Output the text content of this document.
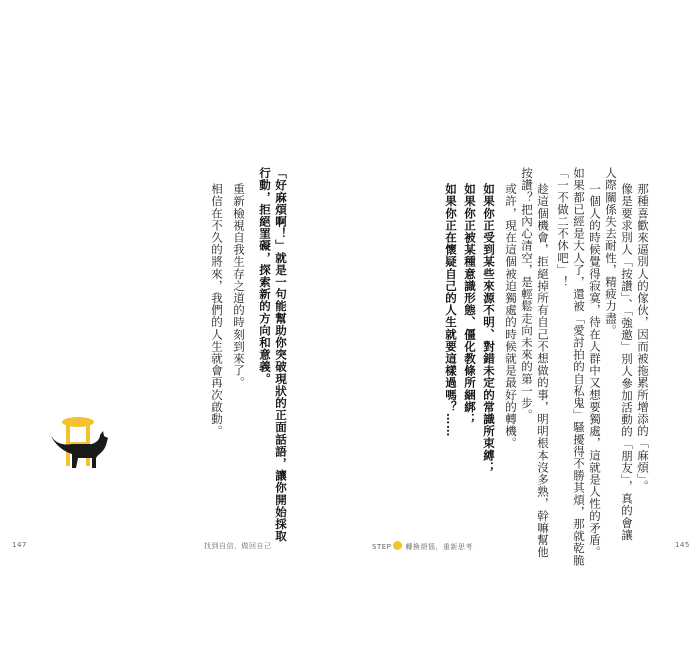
「好麻煩啊！」就是一句能幫助你突破現狀的正面話語，讓你開始採取
行動，拒絕罣礙，探索新的方向和意義。
重新檢視自我生存之道的時刻到來了。
相信在不久的將來，我們的人生就會再次啟動。
147	找到自信，做回自己
那種喜歡來逼別人的傢伙，因而被拖累所增添的「麻煩」。
像是要求別人「按讚」、「強邀」別人參加活動的「朋友」，真的會讓
人際關係失去耐性，精疲力盡。
一個人的時候覺得寂寞，待在人群中又想要獨處，這就是人性的矛盾。
如果都已經是大人了，還被「愛討拍的自私鬼」騷擾得不勝其煩，那就乾脆
「一不做二不休吧」！
趁這個機會，拒絕掉所有自己不想做的事，明明根本沒多熟，幹嘛幫他
按讚？把內心清空，是輕鬆走向未來的第一步。
或許，現在這個被迫獨處的時候就是最好的轉機。
如果你正受到某些來源不明、對錯未定的常識所束縛；
如果你正被某種意識形態、僵化教條所綑綁；
如果你正在懷疑自己的人生就要這樣過嗎？……
STEP 轉換煩惱，重新思考	145
